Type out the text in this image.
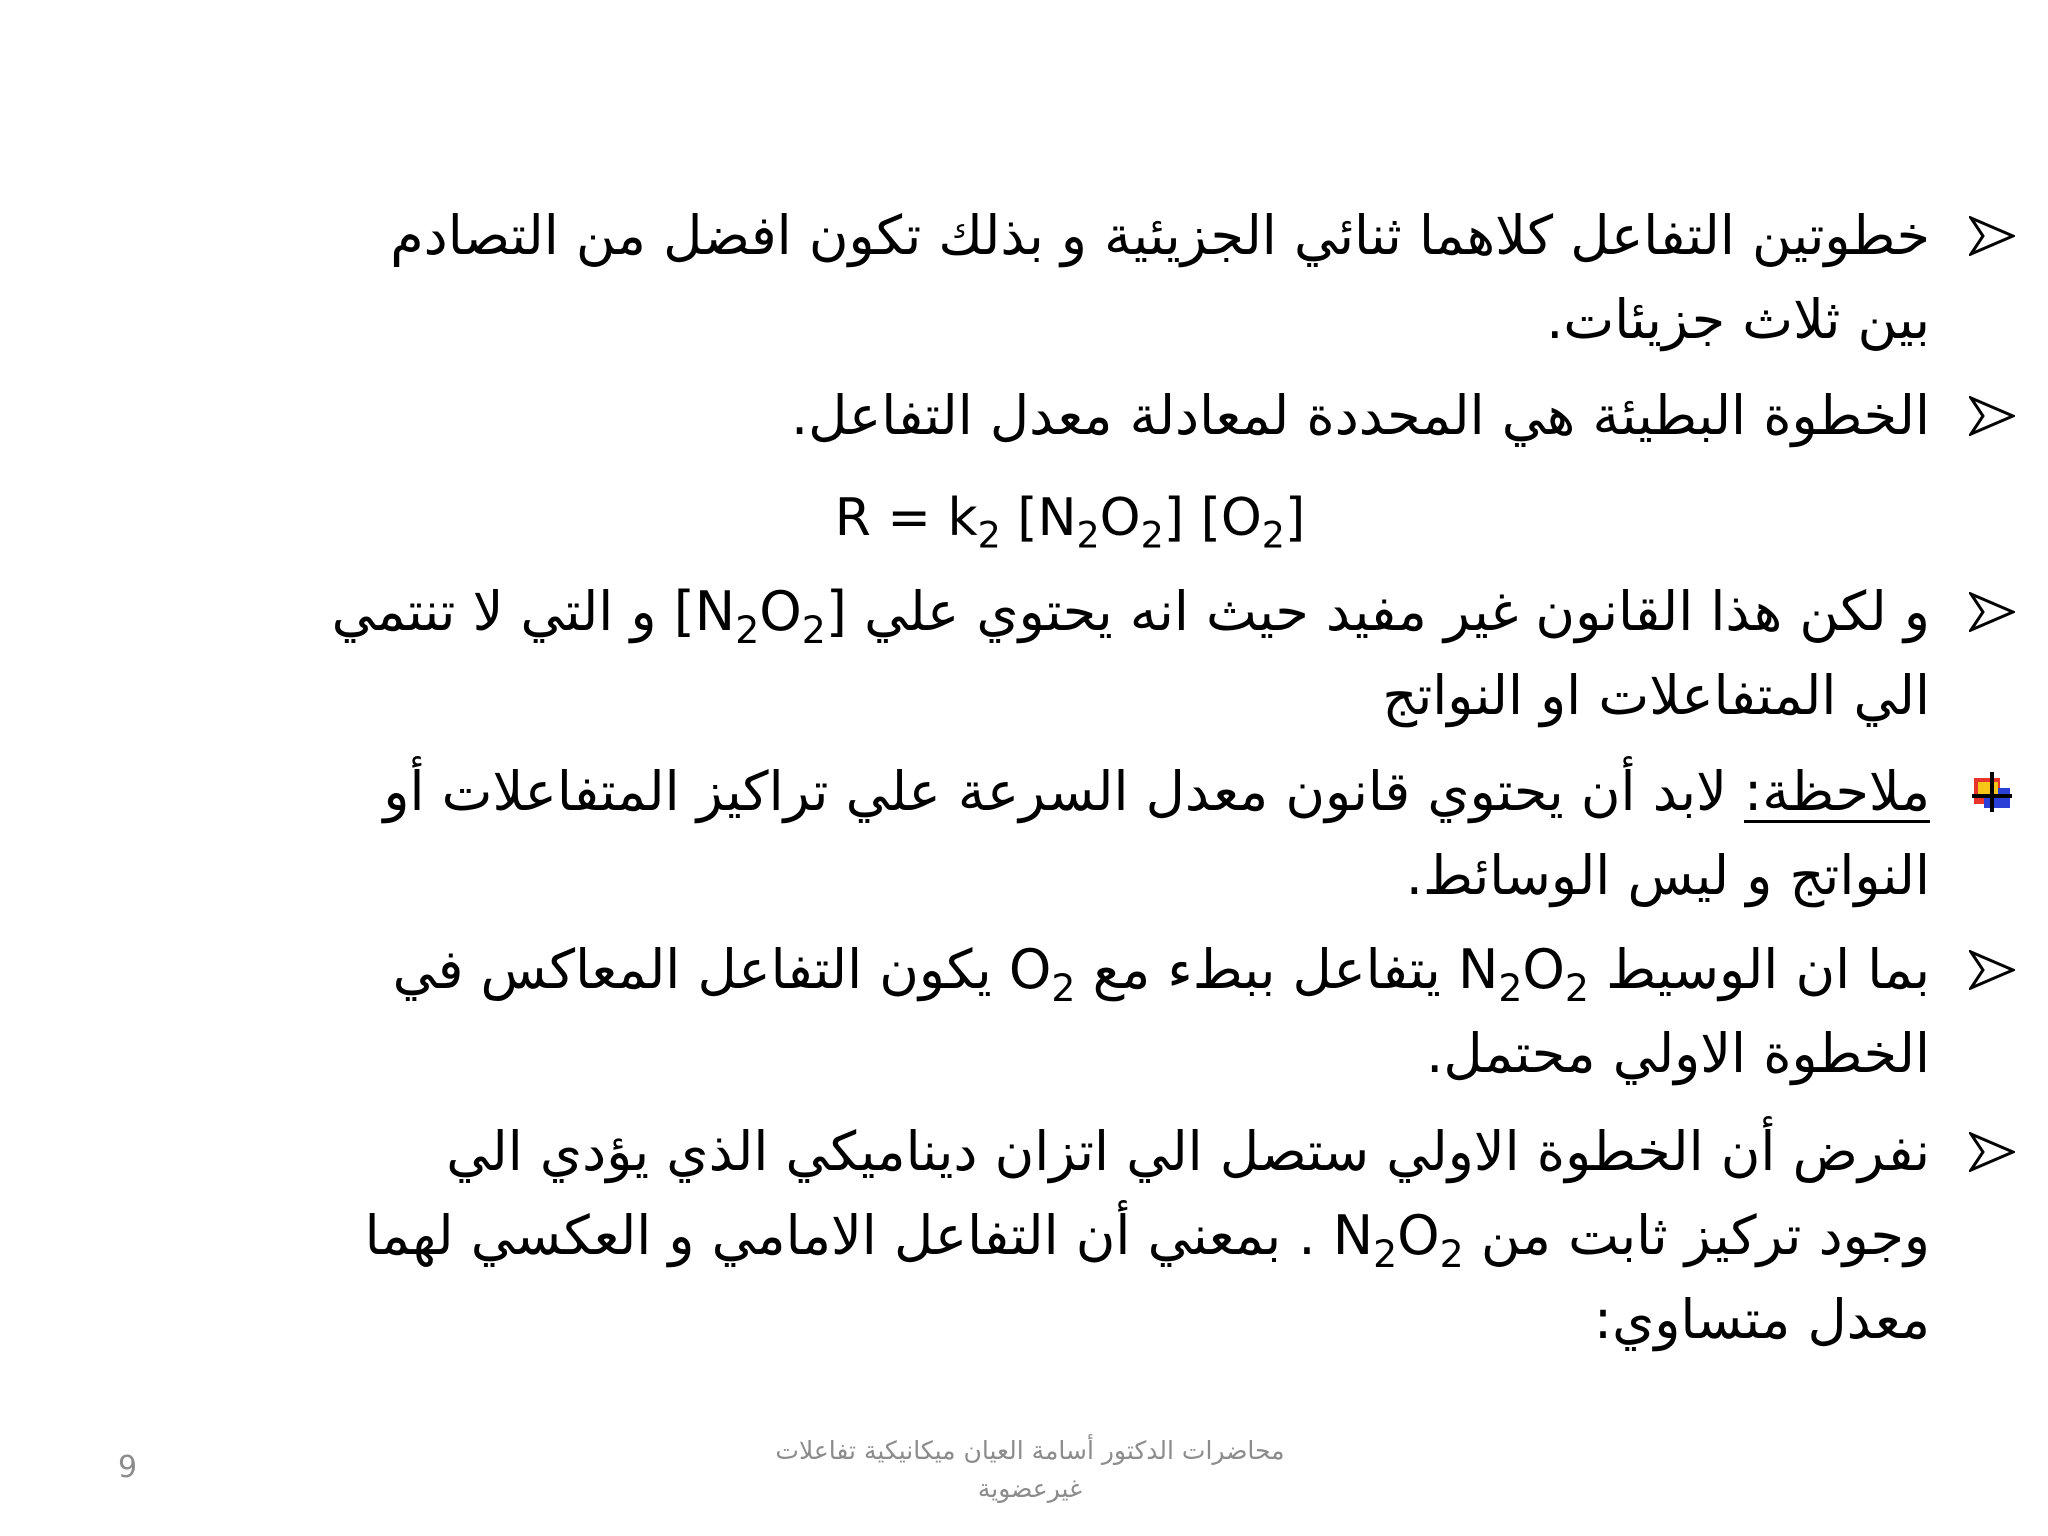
خطوتين التفاعل كلاهما ثنائي الجزيئية و بذلك تكون افضل من التصادم
بين ثلاث جزيئات.
الخطوة البطيئة هي المحددة لمعادلة معدل التفاعل.
$R = k_2$ $[N_2O_2]$ $[O_2]$
و لكن هذا القانون غير مفيد حيث انه يحتوي علي $[N_2O_2]$ و التي لا تنتمي
الي المتفاعلات او النواتج
ملاحظة: لابد أن يحتوي قانون معدل السرعة علي تراكيز المتفاعلات أو
النواتج و ليس الوسائط.
بما ان الوسيط $N_2O_2$ يتفاعل ببطء مع $O_2$ يكون التفاعل المعاكس في
الخطوة الاولي محتمل.
نفرض أن الخطوة الاولي ستصل الي اتزان ديناميكي الذي يؤدي الي
وجود تركيز ثابت من $N_2O_2$ . بمعني أن التفاعل الامامي و العكسي لهما
معدل متساوي:
محاضرات الدكتور أسامة العيان ميكانيكية تفاعلات
غيرعضوية
9
